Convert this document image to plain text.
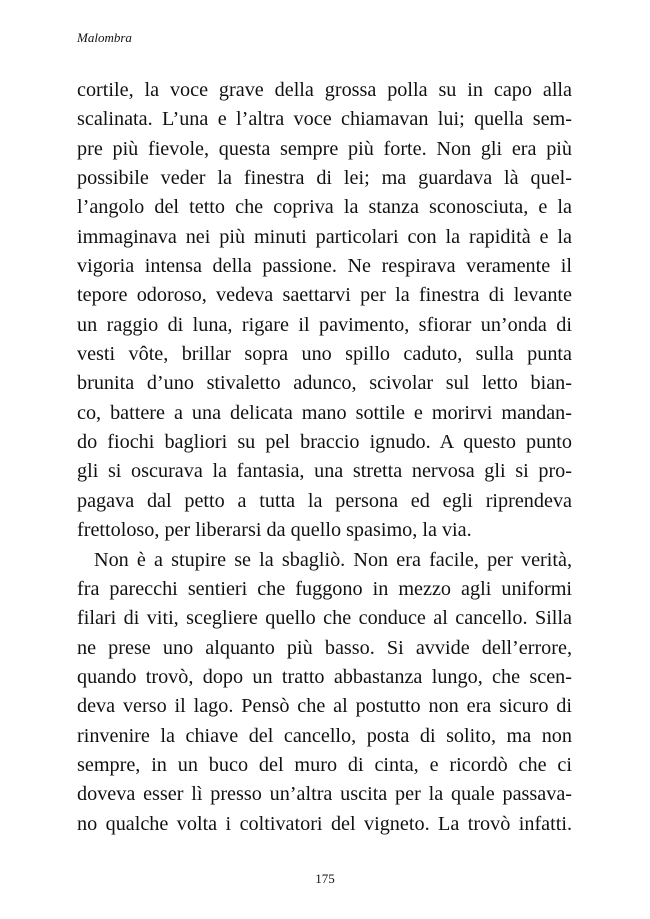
Malombra
cortile, la voce grave della grossa polla su in capo alla
scalinata. L’una e l’altra voce chiamavan lui; quella sem-
pre più fievole, questa sempre più forte. Non gli era più
possibile veder la finestra di lei; ma guardava là quel-
l’angolo del tetto che copriva la stanza sconosciuta, e la
immaginava nei più minuti particolari con la rapidità e la
vigoria intensa della passione. Ne respirava veramente il
tepore odoroso, vedeva saettarvi per la finestra di levante
un raggio di luna, rigare il pavimento, sfiorar un’onda di
vesti vôte, brillar sopra uno spillo caduto, sulla punta
brunita d’uno stivaletto adunco, scivolar sul letto bian-
co, battere a una delicata mano sottile e morirvi mandan-
do fiochi bagliori su pel braccio ignudo. A questo punto
gli si oscurava la fantasia, una stretta nervosa gli si pro-
pagava dal petto a tutta la persona ed egli riprendeva
frettoloso, per liberarsi da quello spasimo, la via.
Non è a stupire se la sbagliò. Non era facile, per verità,
fra parecchi sentieri che fuggono in mezzo agli uniformi
filari di viti, scegliere quello che conduce al cancello. Silla
ne prese uno alquanto più basso. Si avvide dell’errore,
quando trovò, dopo un tratto abbastanza lungo, che scen-
deva verso il lago. Pensò che al postutto non era sicuro di
rinvenire la chiave del cancello, posta di solito, ma non
sempre, in un buco del muro di cinta, e ricordò che ci
doveva esser lì presso un’altra uscita per la quale passava-
no qualche volta i coltivatori del vigneto. La trovò infatti.
175
